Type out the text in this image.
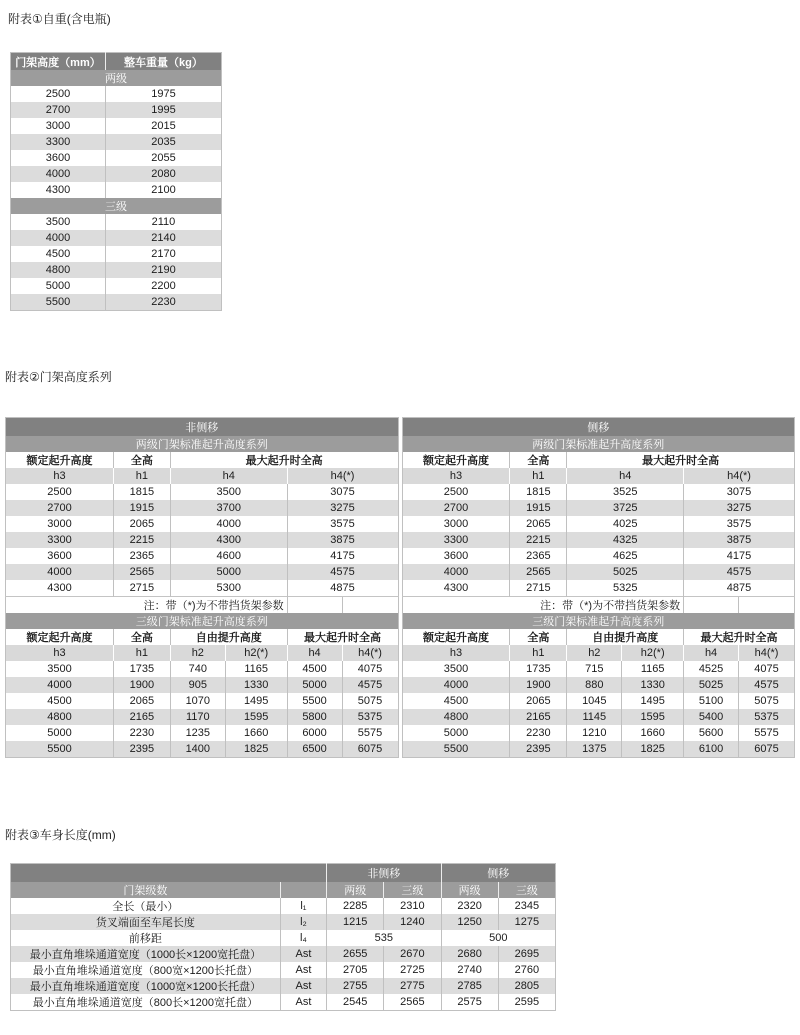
附表①自重(含电瓶)
门架高度（mm）	整车重量（kg）
两级	
2500	1975
2700	1995
3000	2015
3300	2035
3600	2055
4000	2080
4300	2100
三级	
3500	2110
4000	2140
4500	2170
4800	2190
5000	2200
5500	2230
附表②门架高度系列
非侧移					
两级门架标准起升高度系列					
额定起升高度	全高	最大起升时全高			
h3	h1	h4		h4(*)	
2500	1815	3500		3075	
2700	1915	3700		3275	
3000	2065	4000		3575	
3300	2215	4300		3875	
3600	2365	4600		4175	
4000	2565	5000		4575	
4300	2715	5300		4875	
注：带（*)为不带挡货架参数					
三级门架标准起升高度系列					
额定起升高度	全高	自由提升高度		最大起升时全高	
h3	h1	h2	h2(*)	h4	h4(*)
3500	1735	740	1165	4500	4075
4000	1900	905	1330	5000	4575
4500	2065	1070	1495	5500	5075
4800	2165	1170	1595	5800	5375
5000	2230	1235	1660	6000	5575
5500	2395	1400	1825	6500	6075
侧移					
两级门架标准起升高度系列					
额定起升高度	全高	最大起升时全高			
h3	h1	h4		h4(*)	
2500	1815	3525		3075	
2700	1915	3725		3275	
3000	2065	4025		3575	
3300	2215	4325		3875	
3600	2365	4625		4175	
4000	2565	5025		4575	
4300	2715	5325		4875	
注：带（*)为不带挡货架参数					
三级门架标准起升高度系列					
额定起升高度	全高	自由提升高度		最大起升时全高	
h3	h1	h2	h2(*)	h4	h4(*)
3500	1735	715	1165	4525	4075
4000	1900	880	1330	5025	4575
4500	2065	1045	1495	5100	5075
4800	2165	1145	1595	5400	5375
5000	2230	1210	1660	5600	5575
5500	2395	1375	1825	6100	6075
附表③车身长度(mm)
		非侧移		侧移	
门架级数		两级	三级	两级	三级
全长（最小）	l₁	2285	2310	2320	2345
货叉端面至车尾长度	l₂	1215	1240	1250	1275
前移距	l₄	535		500	
最小直角堆垛通道宽度（1000长×1200宽托盘）	Ast	2655	2670	2680	2695
最小直角堆垛通道宽度（800宽×1200长托盘）	Ast	2705	2725	2740	2760
最小直角堆垛通道宽度（1000宽×1200长托盘）	Ast	2755	2775	2785	2805
最小直角堆垛通道宽度（800长×1200宽托盘）	Ast	2545	2565	2575	2595
